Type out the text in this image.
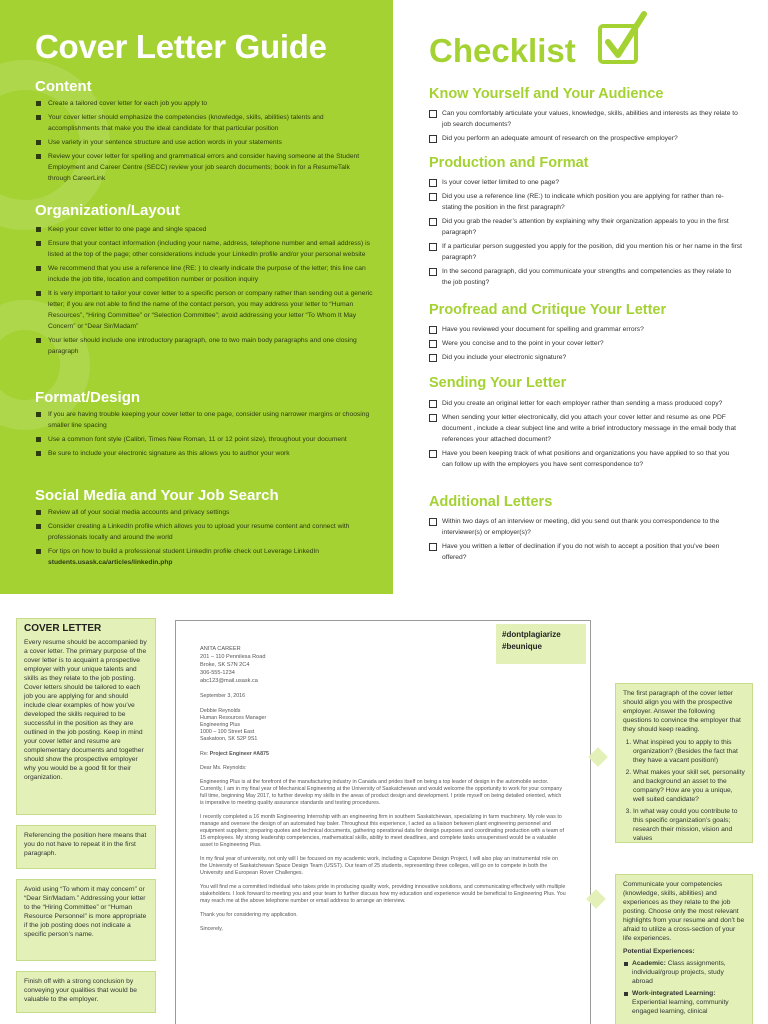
Cover Letter Guide
Content
Create a tailored cover letter for each job you apply to
Your cover letter should emphasize the competencies (knowledge, skills, abilities) talents and accomplishments that make you the ideal candidate for that particular position
Use variety in your sentence structure and use action words in your statements
Review your cover letter for spelling and grammatical errors and consider having someone at the Student Employment and Career Centre (SECC) review your job search documents; book in for a ResumeTalk through CareerLink
Organization/Layout
Keep your cover letter to one page and single spaced
Ensure that your contact information (including your name, address, telephone number and email address) is listed at the top of the page; other considerations include your LinkedIn profile and/or your personal website
We recommend that you use a reference line (RE: ) to clearly indicate the purpose of the letter; this line can include the job title, location and competition number or position inquiry
It is very important to tailor your cover letter to a specific person or company rather than sending out a generic letter; if you are not able to find the name of the contact person, you may address your letter to “Human Resources”, “Hiring Committee” or “Selection Committee”; avoid addressing your letter “To Whom It May Concern” or “Dear Sir/Madam”
Your letter should include one introductory paragraph, one to two main body paragraphs and one closing paragraph
Format/Design
If you are having trouble keeping your cover letter to one page, consider using narrower margins or choosing smaller line spacing
Use a common font style (Calibri, Times New Roman, 11 or 12 point size), throughout your document
Be sure to include your electronic signature as this allows you to author your work
Social Media and Your Job Search
Review all of your social media accounts and privacy settings
Consider creating a LinkedIn profile which allows you to upload your resume content and connect with professionals locally and around the world
For tips on how to build a professional student LinkedIn profile check out Leverage LinkedIn
students.usask.ca/articles/linkedin.php
Checklist
Know Yourself and Your Audience
Can you comfortably articulate your values, knowledge, skills, abilities and interests as they relate to job search documents?
Did you perform an adequate amount of research on the prospective employer?
Production and Format
Is your cover letter limited to one page?
Did you use a reference line (RE:) to indicate which position you are applying for rather than re-stating the position in the first paragraph?
Did you grab the reader’s attention by explaining why their organization appeals to you in the first paragraph?
If a particular person suggested you apply for the position, did you mention his or her name in the first paragraph?
In the second paragraph, did you communicate your strengths and competencies as they relate to the job posting?
Proofread and Critique Your Letter
Have you reviewed your document for spelling and grammar errors?
Were you concise and to the point in your cover letter?
Did you include your electronic signature?
Sending Your Letter
Did you create an original letter for each employer rather than sending a mass produced copy?
When sending your letter electronically, did you attach your cover letter and resume as one PDF document , include a clear subject line and write a brief introductory message in the email body that references your attached document?
Have you been keeping track of what positions and organizations you have applied to so that you can follow up with the employers you have sent correspondence to?
Additional Letters
Within two days of an interview or meeting, did you send out thank you correspondence to the interviewer(s) or employer(s)?
Have you written a letter of declination if you do not wish to accept a position that you’ve been offered?
COVER LETTER
Every resume should be accompanied by a cover letter. The primary purpose of the cover letter is to acquaint a prospective employer with your unique talents and skills as they relate to the job posting. Cover letters should be tailored to each job you are applying for and should include clear examples of how you’ve developed the skills required to be successful in the position as they are outlined in the job posting. Keep in mind your cover letter and resume are complementary documents and together should show the prospective employer why you would be a good fit for their organization.
Referencing the position here means that you do not have to repeat it in the first paragraph.
Avoid using “To whom it may concern” or “Dear Sir/Madam.” Addressing your letter to the “Hiring Committee” or “Human Resource Personnel” is more appropriate if the job posting does not indicate a specific person’s name.
Finish off with a strong conclusion by conveying your qualities that would be valuable to the employer.
ANITA CAREER
201 – 110 Pennilesa Road
Broke, SK S7N 2C4
306-555-1234
abc123@mail.usask.ca
September 3, 2016
Debbie Reynolds
Human Resources Manager
Engineering Plus
1000 – 100 Street East
Saskatoon, SK S2P 9S1

Re: Project Engineer #A875

Dear Ms. Reynolds:

Engineering Plus is at the forefront of the manufacturing industry in Canada and prides itself on being a top leader of design in the automobile sector. Currently, I am in my final year of Mechanical Engineering at the University of Saskatchewan and would welcome the opportunity to work for your company full time, beginning May 2017, to further develop my skills in the areas of product design and development. I pride myself on being detailed oriented, which is imperative to meeting quality assurance standards and testing procedures.

I recently completed a 16 month Engineering Internship with an engineering firm in southern Saskatchewan, specializing in farm machinery. My role was to manage and oversee the design of an automated hay baler. Throughout this experience, I acted as a liaison between plant engineering personnel and equipment suppliers; preparing quotes and technical documents, gathering operational data for design purposes and coordinating production with a team of 15 employees. My strong leadership competencies, mathematical skills, ability to meet deadlines, and complete tasks unsupervised would be a valuable asset to Engineering Plus.

In my final year of university, not only will I be focused on my academic work, including a Capstone Design Project, I will also play an instrumental role on the University of Saskatchewan Space Design Team (USST). Our team of 25 students, representing three colleges, will go on to compete in both the University and European Rover Challenges.

You will find me a committed individual who takes pride in producing quality work, providing innovative solutions, and communicating effectively with multiple stakeholders. I look forward to meeting you and your team to further discuss how my education and experience would be beneficial to Engineering Plus. You may reach me at the above telephone number or email address to arrange an interview.

Thank you for considering my application.

Sincerely,

#dontplagiarize
#beunique
The first paragraph of the cover letter should align you with the prospective employer. Answer the following questions to convince the employer that they should keep reading.
1. What inspired you to apply to this organization? (Besides the fact that they have a vacant position!)
2. What makes your skill set, personality and background an asset to the company? How are you a unique, well suited candidate?
3. In what way could you contribute to this specific organization’s goals; research their mission, vision and values
Communicate your competencies (knowledge, skills, abilities) and experiences as they relate to the job posting. Choose only the most relevant highlights from your resume and don’t be afraid to utilize a cross-section of your life experiences.
Potential Experiences:
Academic: Class assignments, individual/group projects, study abroad
Work-integrated Learning: Experiential learning, community engaged learning, clinical
